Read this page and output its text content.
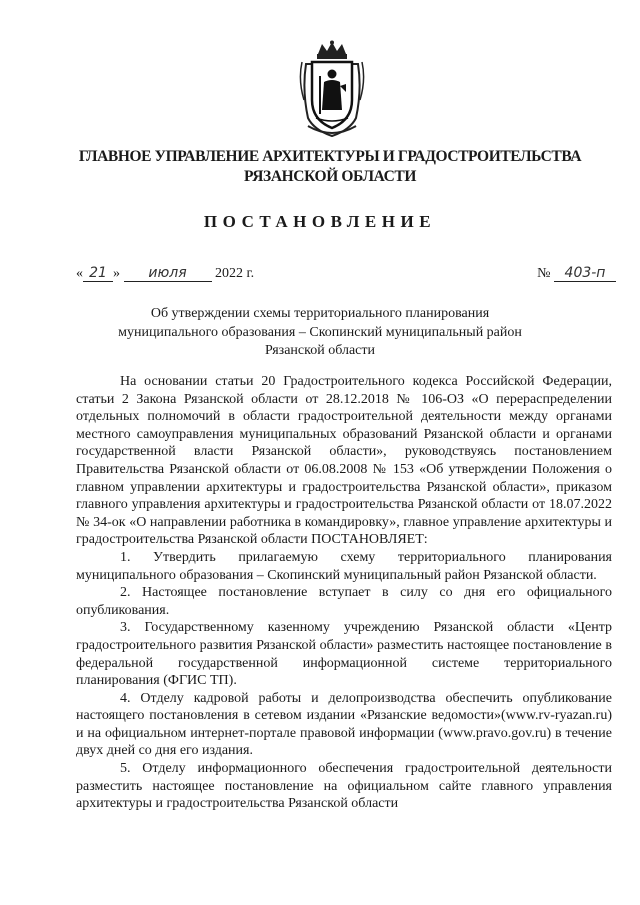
ГЛАВНОЕ УПРАВЛЕНИЕ АРХИТЕКТУРЫ И ГРАДОСТРОИТЕЛЬСТВА
РЯЗАНСКОЙ ОБЛАСТИ
ПОСТАНОВЛЕНИЕ
« 21 » июля 2022 г.	№ 403-п
Об утверждении схемы территориального планирования
муниципального образования – Скопинский муниципальный район
Рязанской области

На основании статьи 20 Градостроительного кодекса Российской Федерации, статьи 2 Закона Рязанской области от 28.12.2018 № 106-ОЗ «О перераспределении отдельных полномочий в области градостроительной деятельности между органами местного самоуправления муниципальных образований Рязанской области и органами государственной власти Рязанской области», руководствуясь постановлением Правительства Рязанской области от 06.08.2008 № 153 «Об утверждении Положения о главном управлении архитектуры и градостроительства Рязанской области», приказом главного управления архитектуры и градостроительства Рязанской области от 18.07.2022 № 34-ок «О направлении работника в командировку», главное управление архитектуры и градостроительства Рязанской области ПОСТАНОВЛЯЕТ:

1. Утвердить прилагаемую схему территориального планирования муниципального образования – Скопинский муниципальный район Рязанской области.

2. Настоящее постановление вступает в силу со дня его официального опубликования.

3. Государственному казенному учреждению Рязанской области «Центр градостроительного развития Рязанской области» разместить настоящее постановление в федеральной государственной информационной системе территориального планирования (ФГИС ТП).

4. Отделу кадровой работы и делопроизводства обеспечить опубликование настоящего постановления в сетевом издании «Рязанские ведомости»(www.rv-ryazan.ru) и на официальном интернет-портале правовой информации (www.pravo.gov.ru) в течение двух дней со дня его издания.

5. Отделу информационного обеспечения градостроительной деятельности разместить настоящее постановление на официальном сайте главного управления архитектуры и градостроительства Рязанской области
